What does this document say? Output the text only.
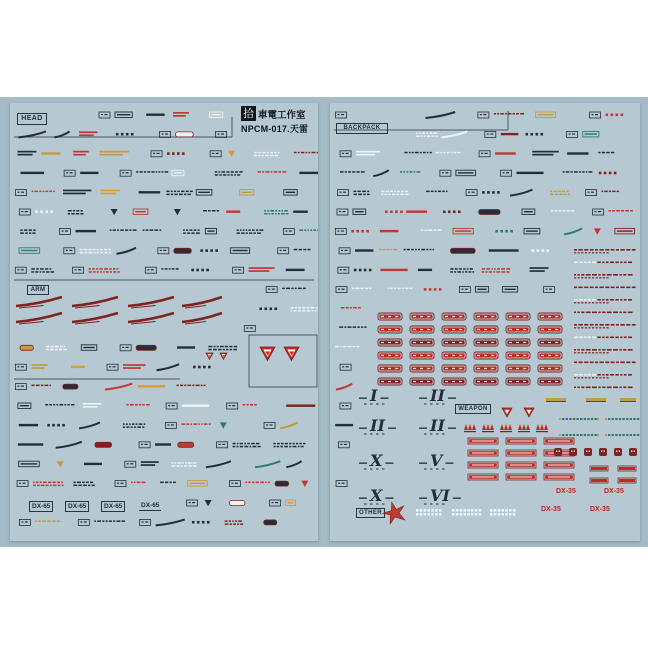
HEAD
ARM
BACKPACK
WEAPON
OTHER
拾 車電工作室
NPCM-017.天雷
DX-65	DX-65	DX-65	DX-65
DX-35	DX-35
DX-35	DX-35
